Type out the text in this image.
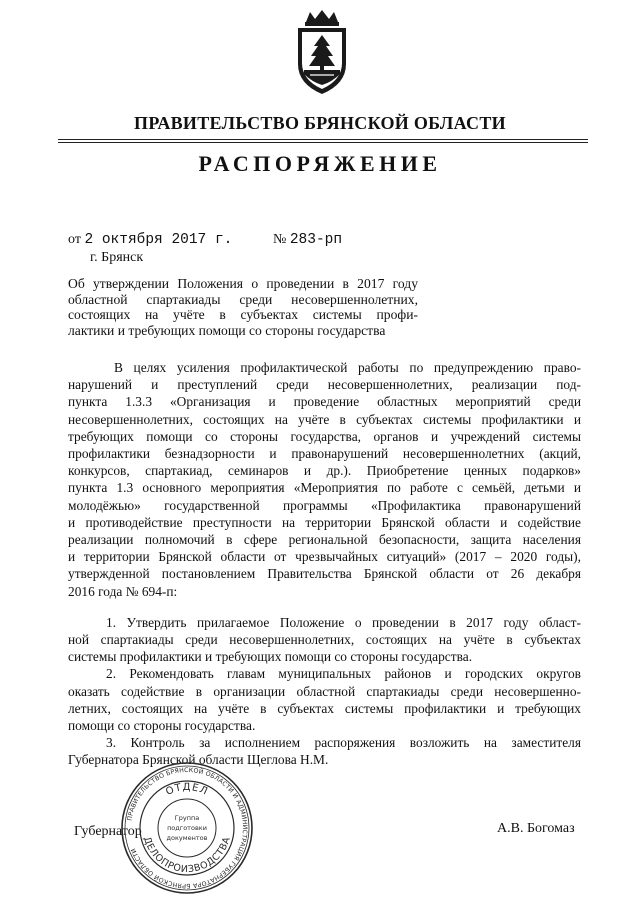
ПРАВИТЕЛЬСТВО БРЯНСКОЙ ОБЛАСТИ
РАСПОРЯЖЕНИЕ
от 2 октября 2017 г.	№ 283-рп
г. Брянск
Об утверждении Положения о проведении в 2017 году
областной спартакиады среди несовершеннолетних,
состоящих на учёте в субъектах системы профи-
лактики и требующих помощи со стороны государства
В целях усиления профилактической работы по предупреждению право-
нарушений и преступлений среди несовершеннолетних, реализации под-
пункта 1.3.3 «Организация и проведение областных мероприятий среди
несовершеннолетних, состоящих на учёте в субъектах системы профилактики и
требующих помощи со стороны государства, органов и учреждений системы
профилактики безнадзорности и правонарушений несовершеннолетних (акций,
конкурсов, спартакиад, семинаров и др.). Приобретение ценных подарков»
пункта 1.3 основного мероприятия «Мероприятия по работе с семьёй, детьми и
молодёжью» государственной программы «Профилактика правонарушений
и противодействие преступности на территории Брянской области и содействие
реализации полномочий в сфере региональной безопасности, защита населения
и территории Брянской области от чрезвычайных ситуаций» (2017 – 2020 годы),
утвержденной постановлением Правительства Брянской области от 26 декабря
2016 года № 694-п:
1. Утвердить прилагаемое Положение о проведении в 2017 году област-
ной спартакиады среди несовершеннолетних, состоящих на учёте в субъектах
системы профилактики и требующих помощи со стороны государства.
2. Рекомендовать главам муниципальных районов и городских округов
оказать содействие в организации областной спартакиады среди несовершенно-
летних, состоящих на учёте в субъектах системы профилактики и требующих
помощи со стороны государства.
3. Контроль за исполнением распоряжения возложить на заместителя
Губернатора Брянской области Щеглова Н.М.
Губернатор	А.В. Богомаз
ПРАВИТЕЛЬСТВО БРЯНСКОЙ ОБЛАСТИ И АДМИНИСТРАЦИЯ ГУБЕРНАТОРА БРЯНСКОЙ ОБЛАСТИ
ОТДЕЛ
ДЕЛОПРОИЗВОДСТВА
Группа
подготовки
документов
